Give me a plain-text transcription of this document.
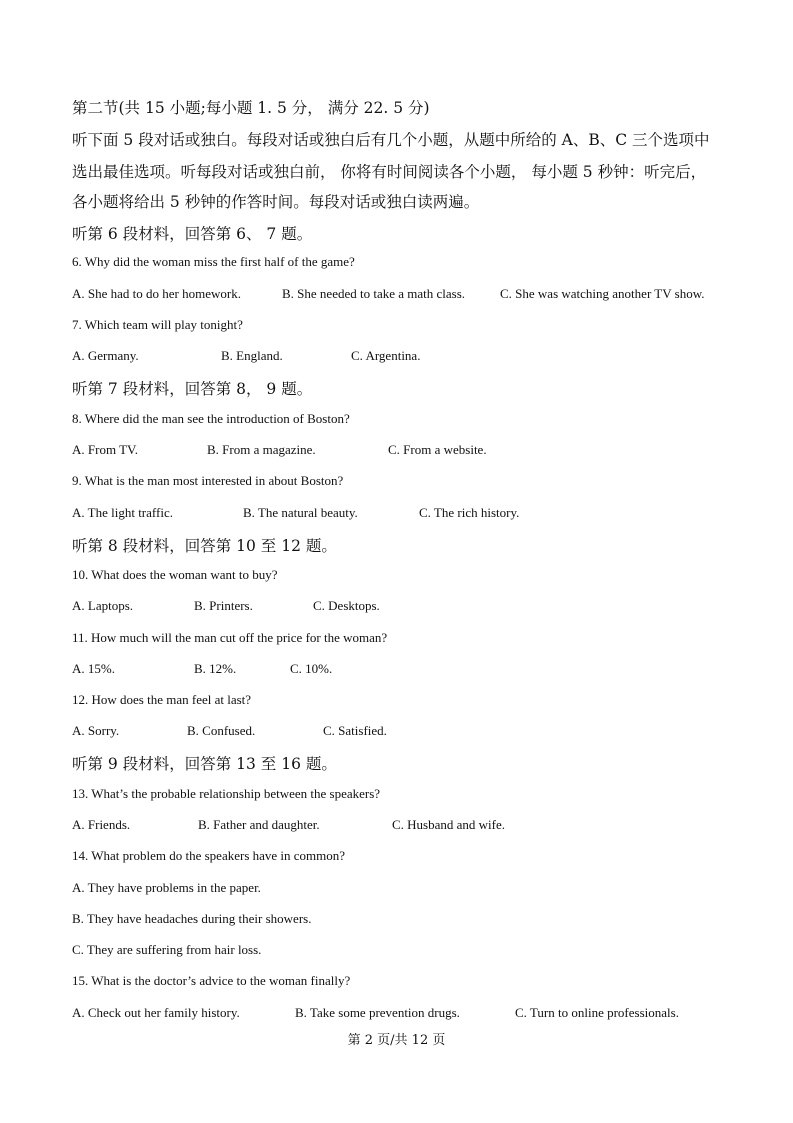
第二节(共 15 小题;每小题 1. 5 分， 满分 22. 5 分)
听下面 5 段对话或独白。每段对话或独白后有几个小题，从题中所给的 A、B、C 三个选项中
选出最佳选项。听每段对话或独白前， 你将有时间阅读各个小题， 每小题 5 秒钟：听完后，
各小题将给出 5 秒钟的作答时间。每段对话或独白读两遍。
听第 6 段材料，回答第 6、 7 题。
6. Why did the woman miss the first half of the game?
A. She had to do her homework.	B. She needed to take a math class.	C. She was watching another TV show.
7. Which team will play tonight?
A. Germany.	B. England.	C. Argentina.
听第 7 段材料，回答第 8， 9 题。
8. Where did the man see the introduction of Boston?
A. From TV.	B. From a magazine.	C. From a website.
9. What is the man most interested in about Boston?
A. The light traffic.	B. The natural beauty.	C. The rich history.
听第 8 段材料，回答第 10 至 12 题。
10. What does the woman want to buy?
A. Laptops.	B. Printers.	C. Desktops.
11. How much will the man cut off the price for the woman?
A. 15%.	B. 12%.	C. 10%.
12. How does the man feel at last?
A. Sorry.	B. Confused.	C. Satisfied.
听第 9 段材料，回答第 13 至 16 题。
13. What’s the probable relationship between the speakers?
A. Friends.	B. Father and daughter.	C. Husband and wife.
14. What problem do the speakers have in common?
A. They have problems in the paper.
B. They have headaches during their showers.
C. They are suffering from hair loss.
15. What is the doctor’s advice to the woman finally?
A. Check out her family history.	B. Take some prevention drugs.	C. Turn to online professionals.
第 2 页/共 12 页
